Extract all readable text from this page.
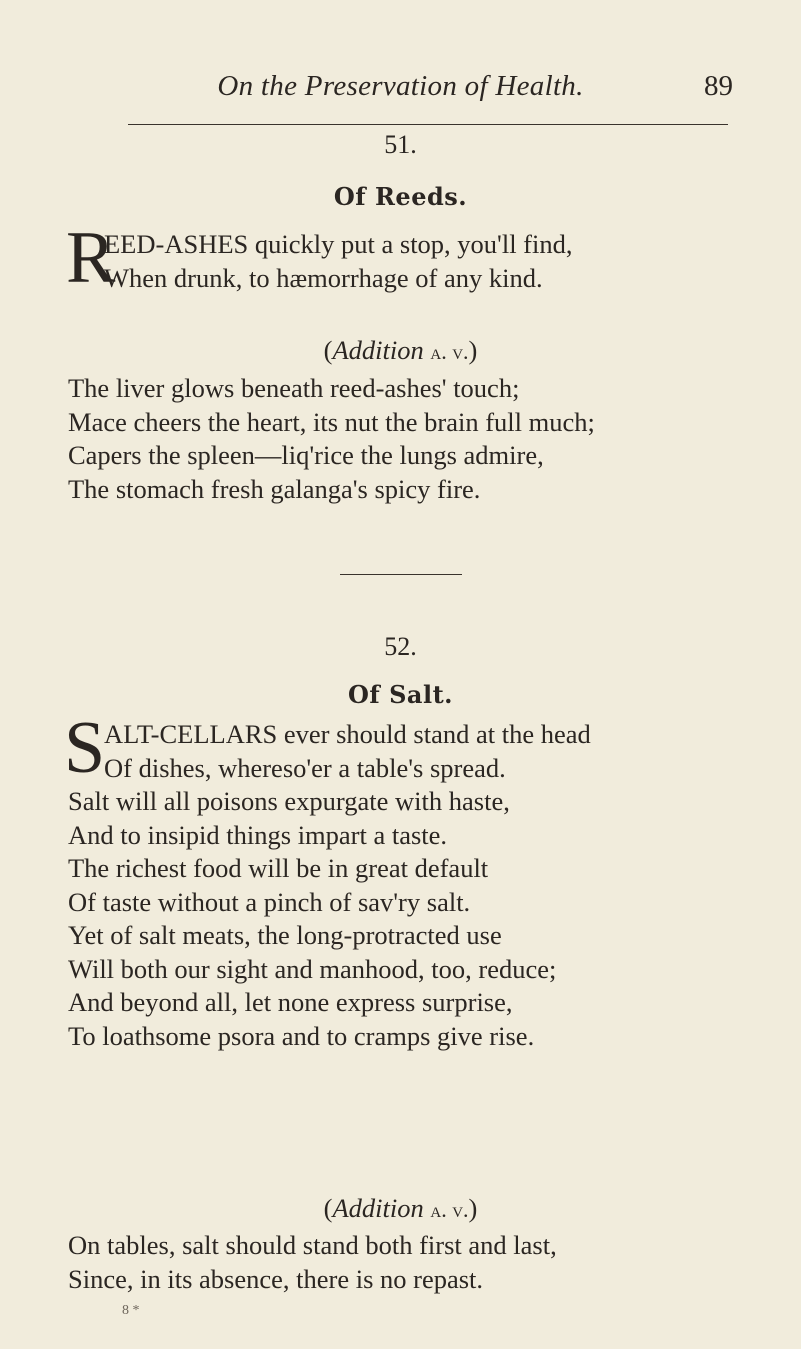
On the Preservation of Health.	89
51.
Of Reeds.
R
EED-ASHES quickly put a stop, you'll find,
When drunk, to hæmorrhage of any kind.
(Addition a. v.)
The liver glows beneath reed-ashes' touch;
Mace cheers the heart, its nut the brain full much;
Capers the spleen—liq'rice the lungs admire,
The stomach fresh galanga's spicy fire.
52.
Of Salt.
S
ALT-CELLARS ever should stand at the head
Of dishes, whereso'er a table's spread.
Salt will all poisons expurgate with haste,
And to insipid things impart a taste.
The richest food will be in great default
Of taste without a pinch of sav'ry salt.
Yet of salt meats, the long-protracted use
Will both our sight and manhood, too, reduce;
And beyond all, let none express surprise,
To loathsome psora and to cramps give rise.
(Addition a. v.)
On tables, salt should stand both first and last,
Since, in its absence, there is no repast.
8 *
